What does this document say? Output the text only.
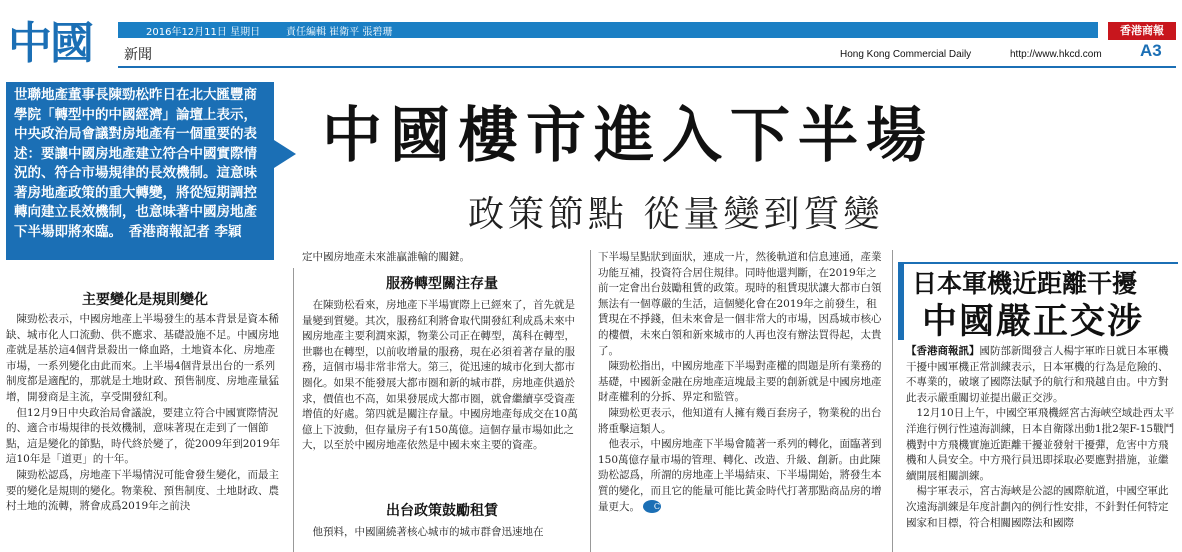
中國	2016年12月11日 星期日	責任編輯 崔衛平 張碧珊
新聞
香港商報
Hong Kong Commercial Daily	http://www.hkcd.com A3
世聯地產董事長陳勁松昨日在北大匯豐商學院「轉型中的中國經濟」論壇上表示，中央政治局會議對房地產有一個重要的表述：要讓中國房地產建立符合中國實際情況的、符合市場規律的長效機制。這意味著房地產政策的重大轉變，將從短期調控轉向建立長效機制，也意味著中國房地產下半場即將來臨。　香港商報記者 李穎
中國樓市進入下半場
政策節點 從量變到質變
主要變化是規則變化

陳勁松表示，中國房地產上半場發生的基本背景是資本稀缺、城市化人口流動、供不應求、基礎設施不足。中國房地產就是基於這4個背景殺出一條血路，土地資本化、房地產市場，一系列變化由此而來。上半場4個背景出台的一系列制度都是適配的，那就是土地財政、預售制度、房地產量猛增，開發商是主流，享受開發紅利。

但12月9日中央政治局會議說，要建立符合中國實際情況的、適合市場規律的長效機制，意味著現在走到了一個節點，這是變化的節點，時代終於變了，從2009年到2019年這10年是「道更」的十年。

陳勁松認爲，房地產下半場情況可能會發生變化，而最主要的變化是規則的變化。物業稅、預售制度、土地財政、農村土地的流轉，將會成爲2019年之前決

定中國房地產未來誰贏誰輸的關鍵。
服務轉型關注存量

在陳勁松看來，房地產下半場實際上已經來了，首先就是量變到質變。其次，服務紅利將會取代開發紅利成爲未來中國房地產主要利潤來源，物業公司正在轉型，萬科在轉型，世聯也在轉型，以前收增量的服務，現在必須着著存量的服務，這個市場非常非常大。第三，從迅速的城市化到大都市圈化。如果不能發展大都市圈和新的城市群，房地產供過於求，價值也不高，如果發展成大都市圈，就會繼續享受資產增值的好處。第四就是關注存量。中國房地產每成交在10萬億上下波動，但存量房子有150萬億。這個存量市場如此之大，以至於中國房地產依然是中國未來主要的資產。

出台政策鼓勵租賃
他預料，中國圍繞著核心城市的城市群會迅速地在

下半場呈點狀到面狀，連成一片，然後軌道和信息連通，產業功能互補，投資符合居住規律。同時他還判斷，在2019年之前一定會出台鼓勵租賃的政策。現時的租賃現狀讓大都市白領無法有一個尊嚴的生活，這個變化會在2019年之前發生，租賃現在不掙錢，但未來會是一個非常大的市場，因爲城市核心的樓價，未來白領和新來城市的人再也沒有辦法買得起，太貴了。

陳勁松指出，中國房地產下半場對產權的問題是所有業務的基礎，中國新金融在房地產這塊最主要的創新就是中國房地產財產權利的分拆、界定和監管。

陳勁松更表示，他知道有人擁有幾百套房子，物業稅的出台將重擊這類人。

他表示，中國房地產下半場會隨著一系列的轉化，面臨著到150萬億存量市場的管理、轉化、改造、升級、創新。由此陳勁松認爲，所謂的房地產上半場結束、下半場開始，將發生本質的變化，而且它的能量可能比黃金時代打著那點商品房的增量更大。 CH

日本軍機近距離干擾
中國嚴正交涉

【香港商報訊】國防部新聞發言人楊宇軍昨日就日本軍機干擾中國軍機正常訓練表示，日本軍機的行為是危險的、不專業的，破壞了國際法賦予的航行和飛越自由。中方對此表示嚴重關切並提出嚴正交涉。

12月10日上午，中國空軍飛機經宮古海峽空域赴西太平洋進行例行性遠海訓練，日本自衛隊出動1批2架F-15戰鬥機對中方飛機實施近距離干擾並發射干擾彈，危害中方飛機和人員安全。中方飛行員迅即採取必要應對措施，並繼續開展相關訓練。

楊宇軍表示，宮古海峽是公認的國際航道，中國空軍此次遠海訓練是年度計劃內的例行性安排，不針對任何特定國家和目標，符合相關國際法和國際
